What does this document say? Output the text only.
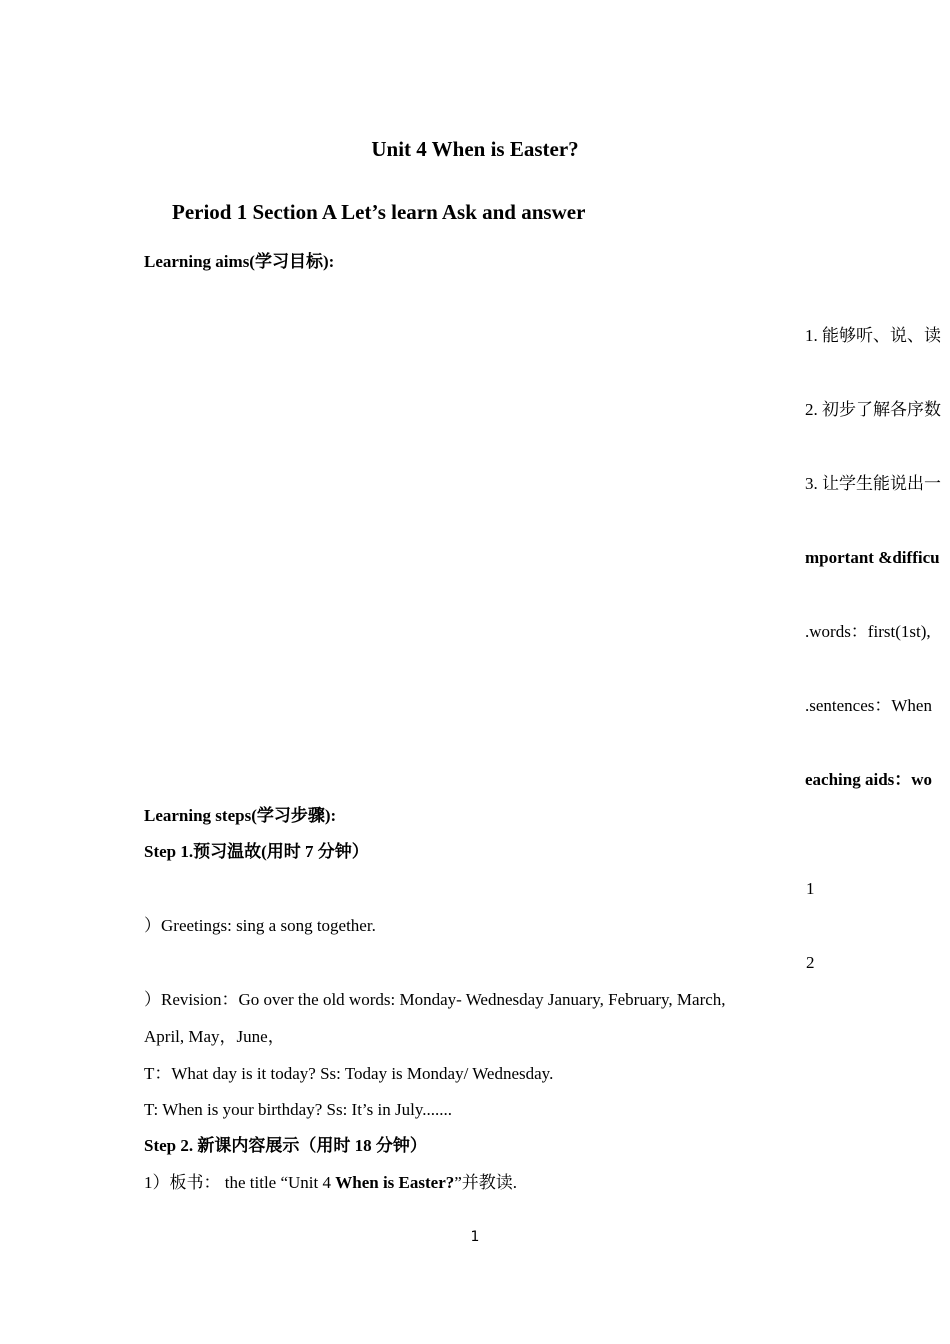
Unit 4 When is Easter?
Period 1 Section A Let’s learn Ask and answer
Learning aims(学习目标):
1. 能够听、说、读
2. 初步了解各序数
3. 让学生能说出一
mportant &difficu
.words：first(1st),
.sentences：When
eaching aids：wo
1
2
Learning steps(学习步骤):
Step 1.预习温故(用时 7 分钟）
）Greetings: sing a song together.
）Revision：Go over the old words: Monday- Wednesday January, February, March,
April, May，June，
T：What day is it today? Ss: Today is Monday/ Wednesday.
T: When is your birthday? Ss: It’s in July.......
Step 2. 新课内容展示（用时 18 分钟）
1）板书： the title “Unit 4 When is Easter?”并教读.
1
